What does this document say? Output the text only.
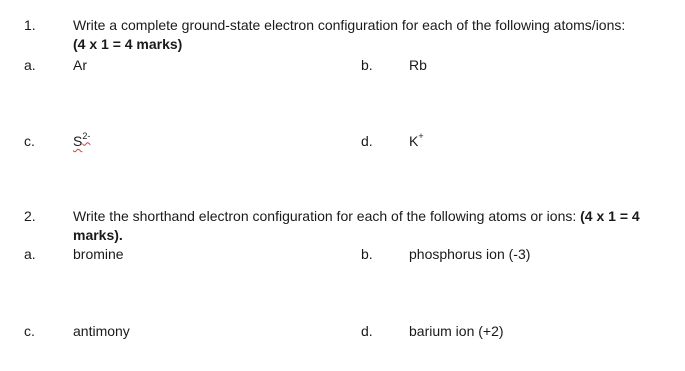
1.	Write a complete ground-state electron configuration for each of the following atoms/ions: (4 x 1 = 4 marks)
a.	Ar	b.	Rb
c.	$S^{2-}$	d.	K+
2.	Write the shorthand electron configuration for each of the following atoms or ions: (4 x 1 = 4 marks).
a.	bromine	b.	phosphorus ion (-3)
c.	antimony	d.	barium ion (+2)
